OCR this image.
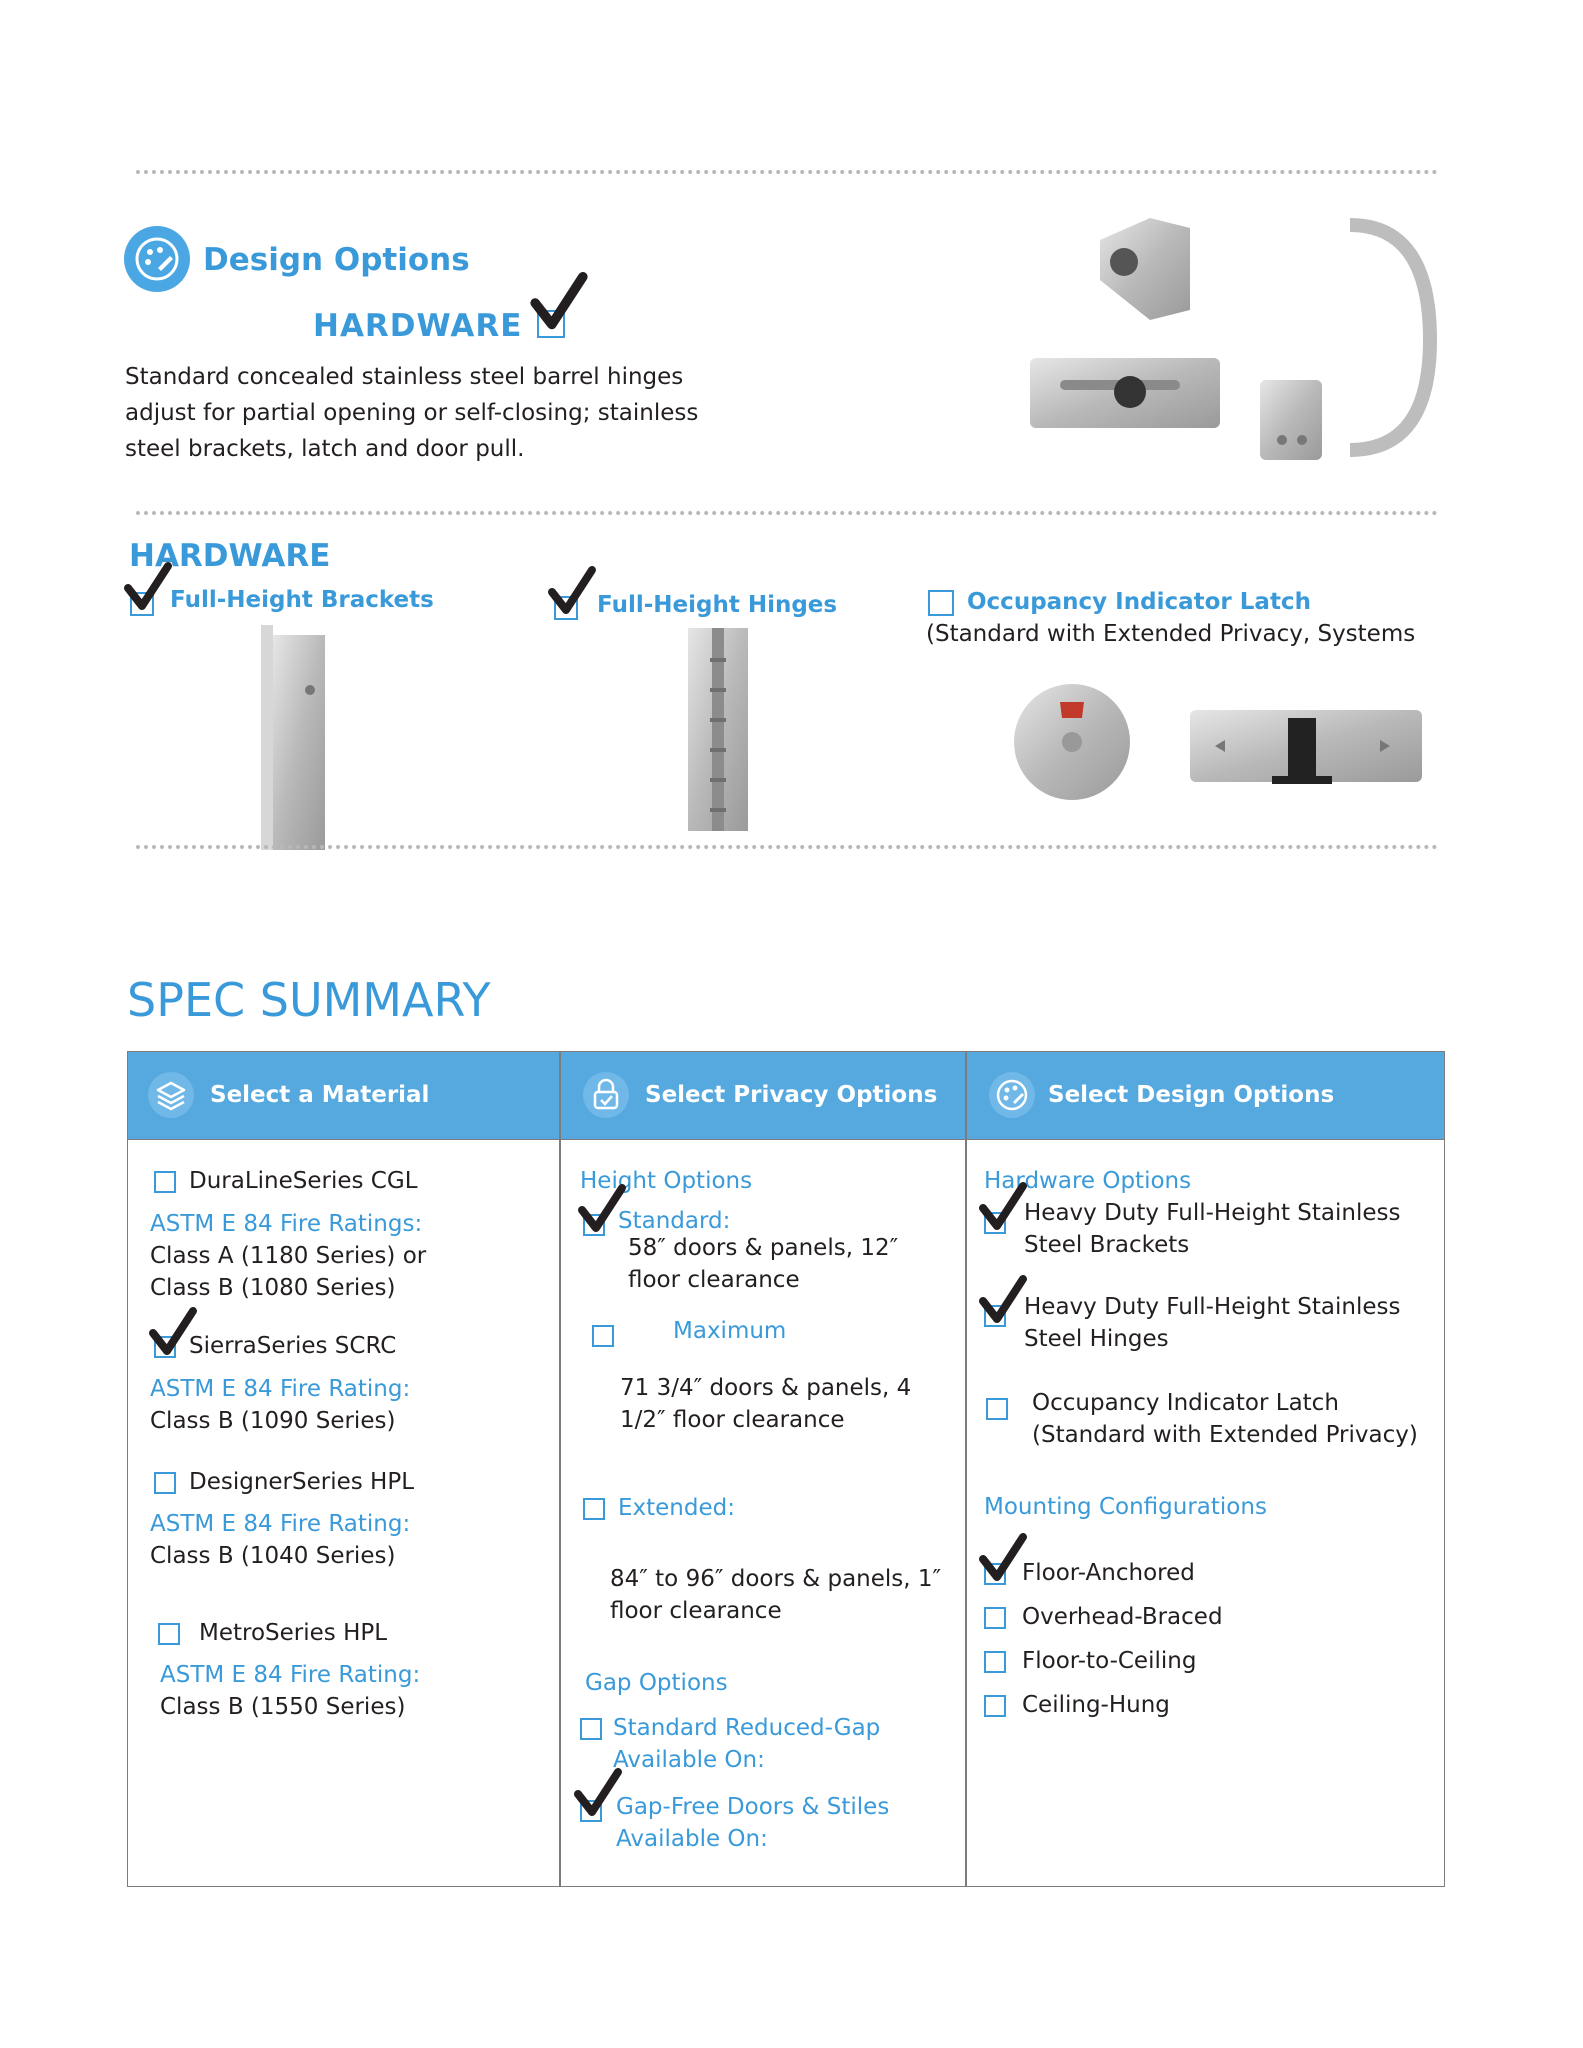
Design Options
HARDWARE
Standard concealed stainless steel barrel hinges
adjust for partial opening or self-closing; stainless
steel brackets, latch and door pull.
HARDWARE
Full-Height Brackets	Full-Height Hinges	Occupancy Indicator Latch
(Standard with Extended Privacy, Systems
SPEC SUMMARY
Select a Material	Select Privacy Options	Select Design Options
DuraLineSeries CGL
ASTM E 84 Fire Ratings:
Class A (1180 Series) or
Class B (1080 Series)
SierraSeries SCRC
ASTM E 84 Fire Rating:
Class B (1090 Series)
DesignerSeries HPL
ASTM E 84 Fire Rating:
Class B (1040 Series)
MetroSeries HPL
ASTM E 84 Fire Rating:
Class B (1550 Series)
Height Options
Standard:
58″ doors & panels, 12″
floor clearance
Maximum
71 3/4″ doors & panels, 4
1/2″ floor clearance
Extended:
84″ to 96″ doors & panels, 1″
floor clearance
Gap Options
Standard Reduced-Gap
Available On:
Gap-Free Doors & Stiles
Available On:
Hardware Options
Heavy Duty Full-Height Stainless
Steel Brackets
Heavy Duty Full-Height Stainless
Steel Hinges
Occupancy Indicator Latch
(Standard with Extended Privacy)
Mounting Configurations
Floor-Anchored
Overhead-Braced
Floor-to-Ceiling
Ceiling-Hung
